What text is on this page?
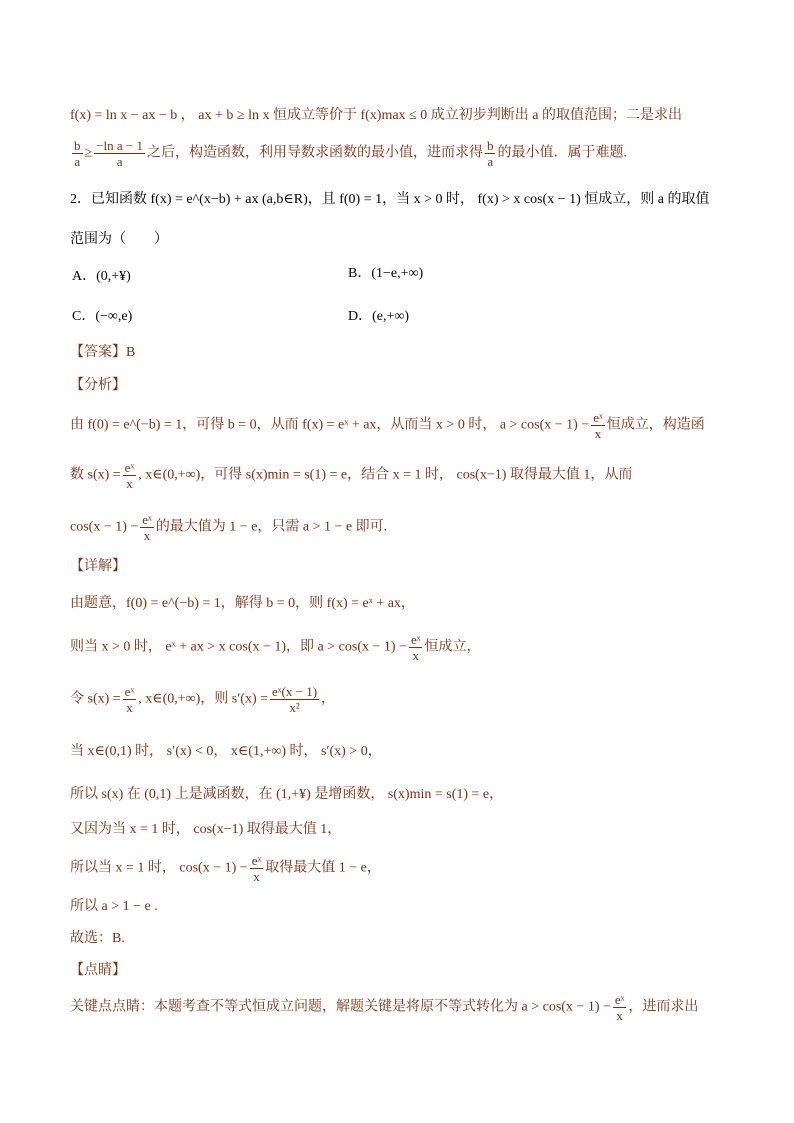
f(x) = ln x − ax − b ， ax + b ≥ ln x 恒成立等价于 f(x)max ≤ 0 成立初步判断出 a 的取值范围；二是求出
$\frac{b}{a} \ge \frac{\text{−ln a − 1}}{a}$ 之后，构造函数，利用导数求函数的最小值，进而求得 $\frac{b}{a}$ 的最小值．属于难题.
2．已知函数 f(x) = e^(x−b) + ax (a,b∈R)，且 f(0) = 1，当 x > 0 时， f(x) > x cos(x − 1) 恒成立，则 a 的取值
范围为（　　）
A．(0,+¥)	B．(1−e,+∞)
C．(−∞,e)	D．(e,+∞)
【答案】B
【分析】
由 f(0) = e^(−b) = 1，可得 b = 0，从而 f(x) = eˣ + ax，从而当 x > 0 时， $a > \cos(x - 1) - \frac{\text{eˣ}}{x}$ 恒成立，构造函
数 $s(x) = \frac{\text{eˣ}}{x}$ , x∈(0,+∞)，可得 s(x)min = s(1) = e，结合 x = 1 时， cos(x−1) 取得最大值 1，从而
$\cos(x - 1) - \frac{\text{eˣ}}{x}$ 的最大值为 1 − e，只需 a > 1 − e 即可.
【详解】
由题意，f(0) = e^(−b) = 1，解得 b = 0，则 f(x) = eˣ + ax，
则当 x > 0 时， eˣ + ax > x cos(x − 1)，即 $a > \cos(x - 1) - \frac{\text{eˣ}}{x}$ 恒成立，
令 $s(x) = \frac{\text{eˣ}}{x}$ , x∈(0,+∞)，则 $s'(x) = \frac{\text{eˣ(x − 1)}}{\text{x²}}$ ，
当 x∈(0,1) 时， s′(x) < 0， x∈(1,+∞) 时， s′(x) > 0，
所以 s(x) 在 (0,1) 上是减函数，在 (1,+¥) 是增函数， s(x)min = s(1) = e，
又因为当 x = 1 时， cos(x−1) 取得最大值 1，
所以当 x = 1 时， $\cos(x - 1) - \frac{\text{eˣ}}{x}$ 取得最大值 1 − e，
所以 a > 1 − e .
故选：B.
【点睛】
关键点点睛：本题考查不等式恒成立问题，解题关键是将原不等式转化为 $a > \cos(x - 1) - \frac{\text{eˣ}}{x}$ ，进而求出
